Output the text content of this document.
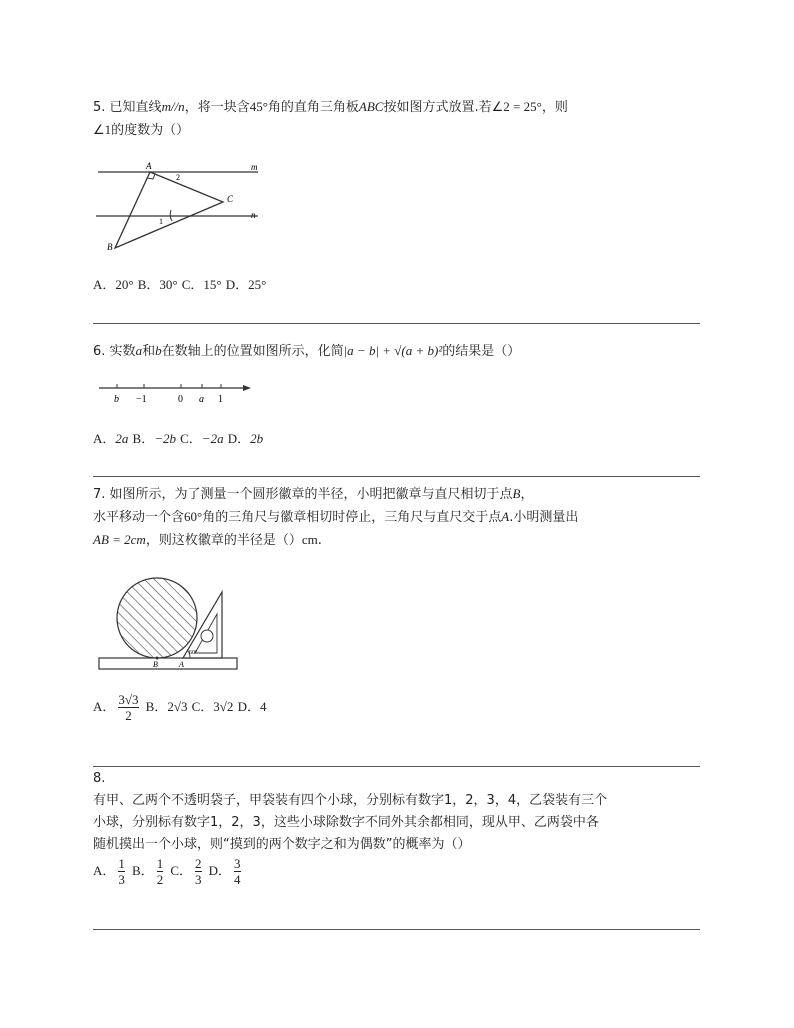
5. 已知直线m//n，将一块含45°角的直角三角板ABC按如图方式放置.若∠2 = 25°，则
∠1的度数为（）
A
2
m
C
n
1
B
A．20° B．30° C．15° D．25°
6. 实数a和b在数轴上的位置如图所示，化简|a − b| + √(a + b)²的结果是（）
b −1	0 a 1
A．2a B．−2b C．−2a D．2b
7. 如图所示，为了测量一个圆形徽章的半径，小明把徽章与直尺相切于点B，
水平移动一个含60°角的三角尺与徽章相切时停止，三角尺与直尺交于点A.小明测量出
AB = 2cm，则这枚徽章的半径是（）cm.
B	A
60°
A． $\frac{3√3}{2}$ B．2√3 C．3√2 D．4
8.
有甲、乙两个不透明袋子，甲袋装有四个小球，分别标有数字1，2，3，4，乙袋装有三个
小球，分别标有数字1，2，3，这些小球除数字不同外其余都相同，现从甲、乙两袋中各
随机摸出一个小球，则“摸到的两个数字之和为偶数”的概率为（）
A． $\frac{1}{3}$ B． $\frac{1}{2}$ C． $\frac{2}{3}$ D． $\frac{3}{4}$
